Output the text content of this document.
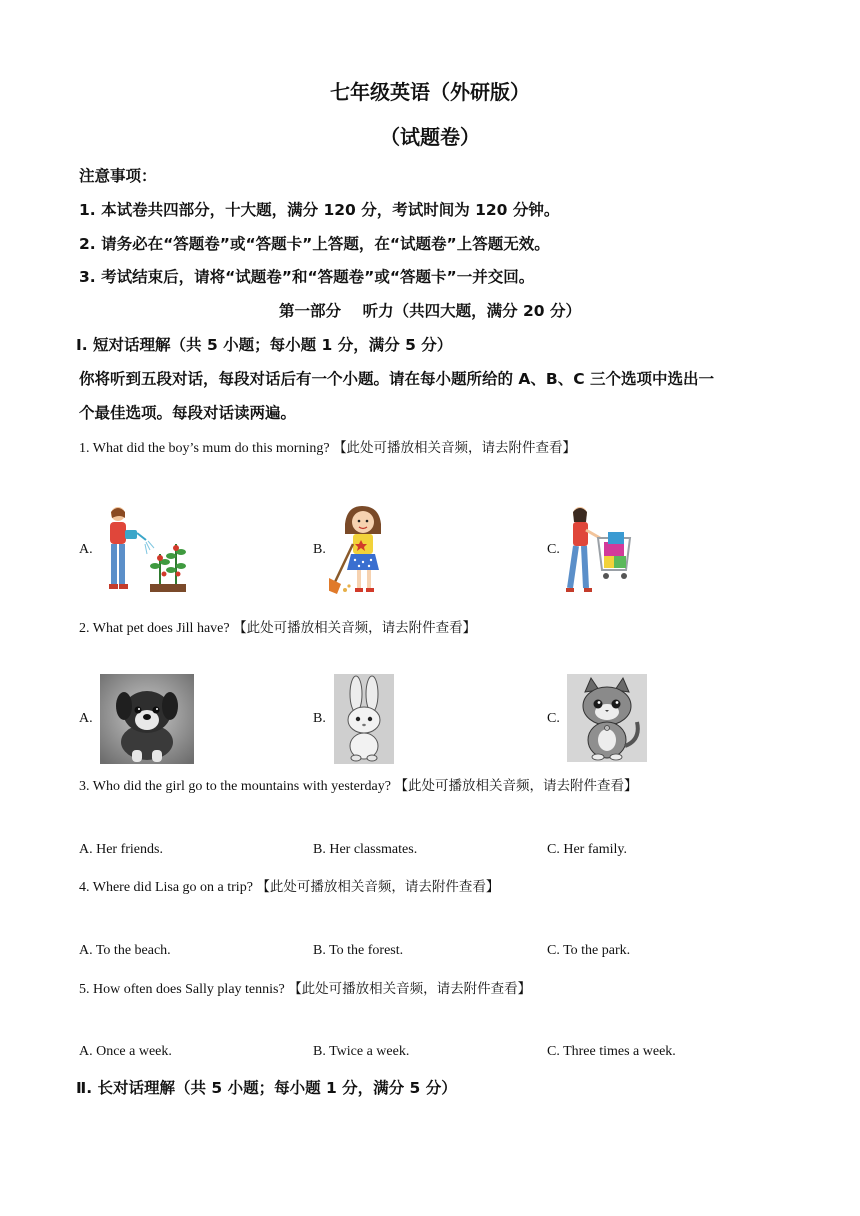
七年级英语（外研版）
（试题卷）
注意事项：
1. 本试卷共四部分，十大题，满分 120 分，考试时间为 120 分钟。
2. 请务必在“答题卷”或“答题卡”上答题，在“试题卷”上答题无效。
3. 考试结束后，请将“试题卷”和“答题卷”或“答题卡”一并交回。
第一部分    听力（共四大题，满分 20 分）
Ⅰ. 短对话理解（共 5 小题；每小题 1 分，满分 5 分）
你将听到五段对话，每段对话后有一个小题。请在每小题所给的 A、B、C 三个选项中选出一
个最佳选项。每段对话读两遍。
1. What did the boy’s mum do this morning? 【此处可播放相关音频，请去附件查看】
A.	B.	C.
2. What pet does Jill have? 【此处可播放相关音频，请去附件查看】
A.	B.	C.
3. Who did the girl go to the mountains with yesterday? 【此处可播放相关音频，请去附件查看】
A. Her friends.	B. Her classmates.	C. Her family.
4. Where did Lisa go on a trip? 【此处可播放相关音频，请去附件查看】
A. To the beach.	B. To the forest.	C. To the park.
5. How often does Sally play tennis? 【此处可播放相关音频，请去附件查看】
A. Once a week.	B. Twice a week.	C. Three times a week.
Ⅱ. 长对话理解（共 5 小题；每小题 1 分，满分 5 分）
